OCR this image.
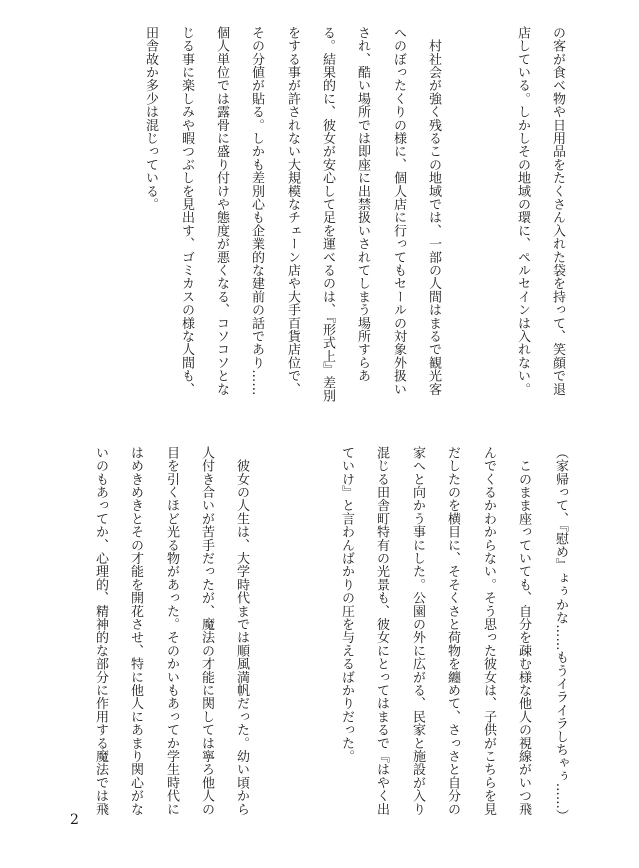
の客が食べ物や日用品をたくさん入れた袋を持って、笑顔で退
店している。しかしその地域の環に、ペルセインは入れない。
　村社会が強く残るこの地域では、一部の人間はまるで観光客
へのぼったくりの様に、個人店に行ってもセールの対象外扱い
され、酷い場所では即座に出禁扱いされてしまう場所すらあ
る。結果的に、彼女が安心して足を運べるのは、『形式上』差別
をする事が許されない大規模なチェーン店や大手百貨店位で、
その分値が貼る。しかも差別心も企業的な建前の話であり……
個人単位では露骨に盛り付けや態度が悪くなる、コソコソとな
じる事に楽しみや暇つぶしを見出す、ゴミカスの様な人間も、
田舎故か多少は混じっている。
（家帰って、『慰め』ょぅかな……もうイライラしちゃぅ……）
　このまま座っていても、自分を疎む様な他人の視線がいつ飛
んでくるかわからない。そう思った彼女は、子供がこちらを見
だしたのを横目に、そそくさと荷物を纏めて、さっさと自分の
家へと向かう事にした。公園の外に広がる、民家と施設が入り
混じる田舎町特有の光景も、彼女にとってはまるで『はやく出
ていけ』と言わんばかりの圧を与えるばかりだった。
　彼女の人生は、大学時代までは順風満帆だった。幼い頃から
人付き合いが苦手だったが、魔法の才能に関しては寧ろ他人の
目を引くほど光る物があった。そのかいもあってか学生時代に
はめきめきとその才能を開花させ、特に他人にあまり関心がな
いのもあってか、心理的、精神的な部分に作用する魔法では飛
2
